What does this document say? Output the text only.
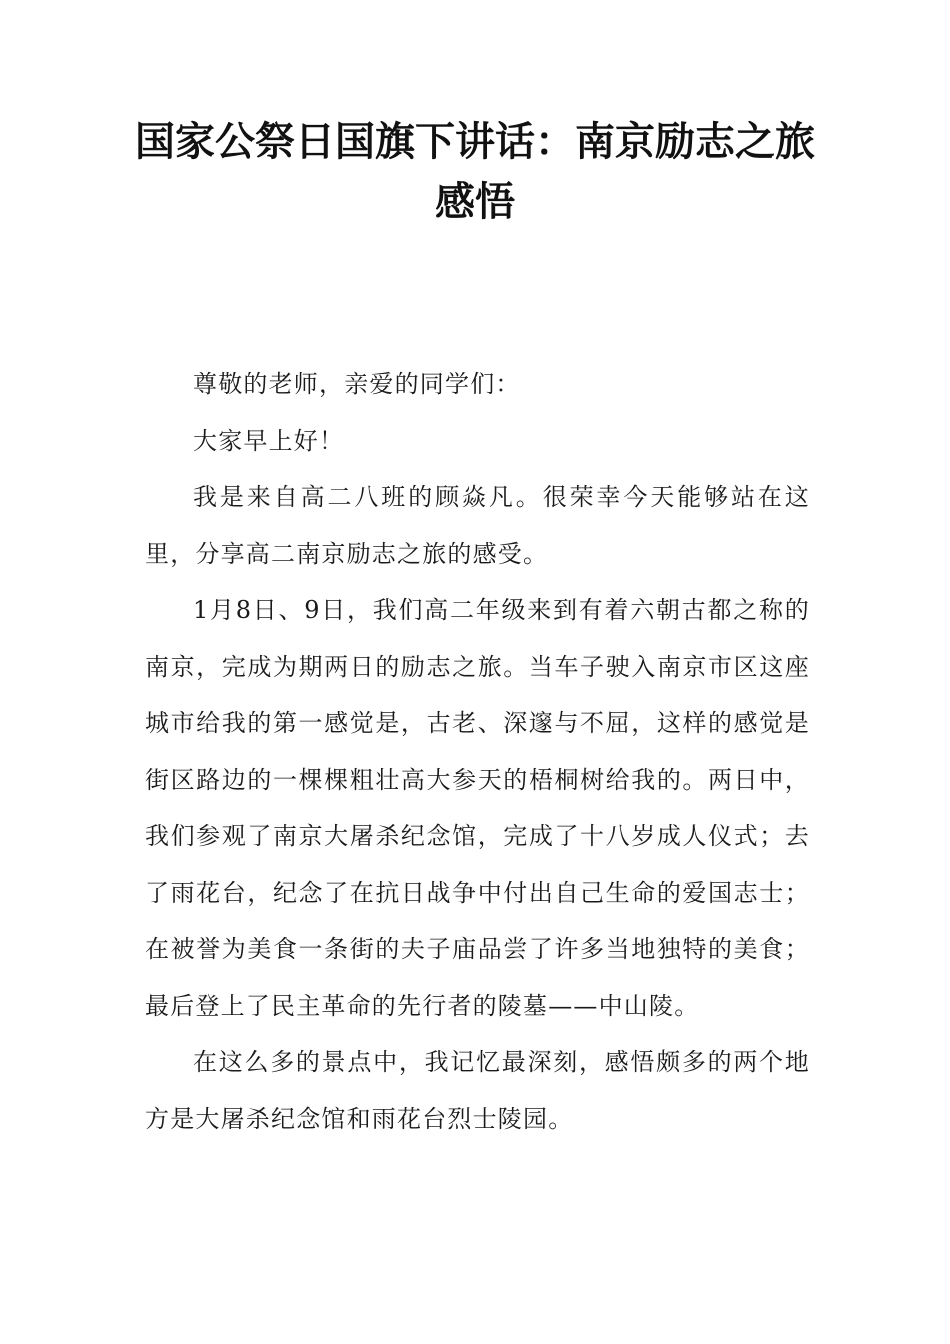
国家公祭日国旗下讲话：南京励志之旅感悟

尊敬的老师，亲爱的同学们：

大家早上好！

我是来自高二八班的顾焱凡。很荣幸今天能够站在这里，分享高二南京励志之旅的感受。

1月8日、9日，我们高二年级来到有着六朝古都之称的南京，完成为期两日的励志之旅。当车子驶入南京市区这座城市给我的第一感觉是，古老、深邃与不屈，这样的感觉是街区路边的一棵棵粗壮高大参天的梧桐树给我的。两日中，我们参观了南京大屠杀纪念馆，完成了十八岁成人仪式；去了雨花台，纪念了在抗日战争中付出自己生命的爱国志士；在被誉为美食一条街的夫子庙品尝了许多当地独特的美食；最后登上了民主革命的先行者的陵墓——中山陵。

在这么多的景点中，我记忆最深刻，感悟颇多的两个地方是大屠杀纪念馆和雨花台烈士陵园。
